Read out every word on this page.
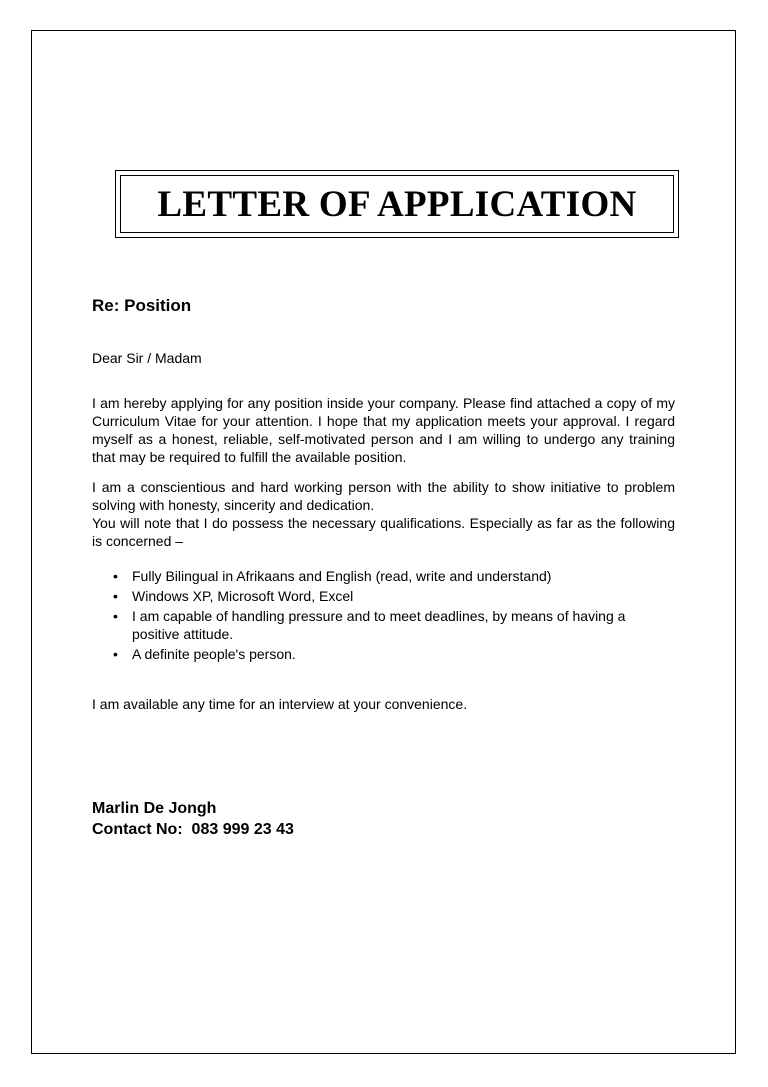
LETTER OF APPLICATION

Re: Position

Dear Sir / Madam

I am hereby applying for any position inside your company. Please find attached a copy of my Curriculum Vitae for your attention. I hope that my application meets your approval. I regard myself as a honest, reliable, self-motivated person and I am willing to undergo any training that may be required to fulfill the available position.

I am a conscientious and hard working person with the ability to show initiative to problem solving with honesty, sincerity and dedication.

You will note that I do possess the necessary qualifications. Especially as far as the following is concerned –

• Fully Bilingual in Afrikaans and English (read, write and understand)
• Windows XP, Microsoft Word, Excel
• I am capable of handling pressure and to meet deadlines, by means of having a positive attitude.
• A definite people's person.

I am available any time for an interview at your convenience.

Marlin De Jongh
Contact No: 083 999 23 43
